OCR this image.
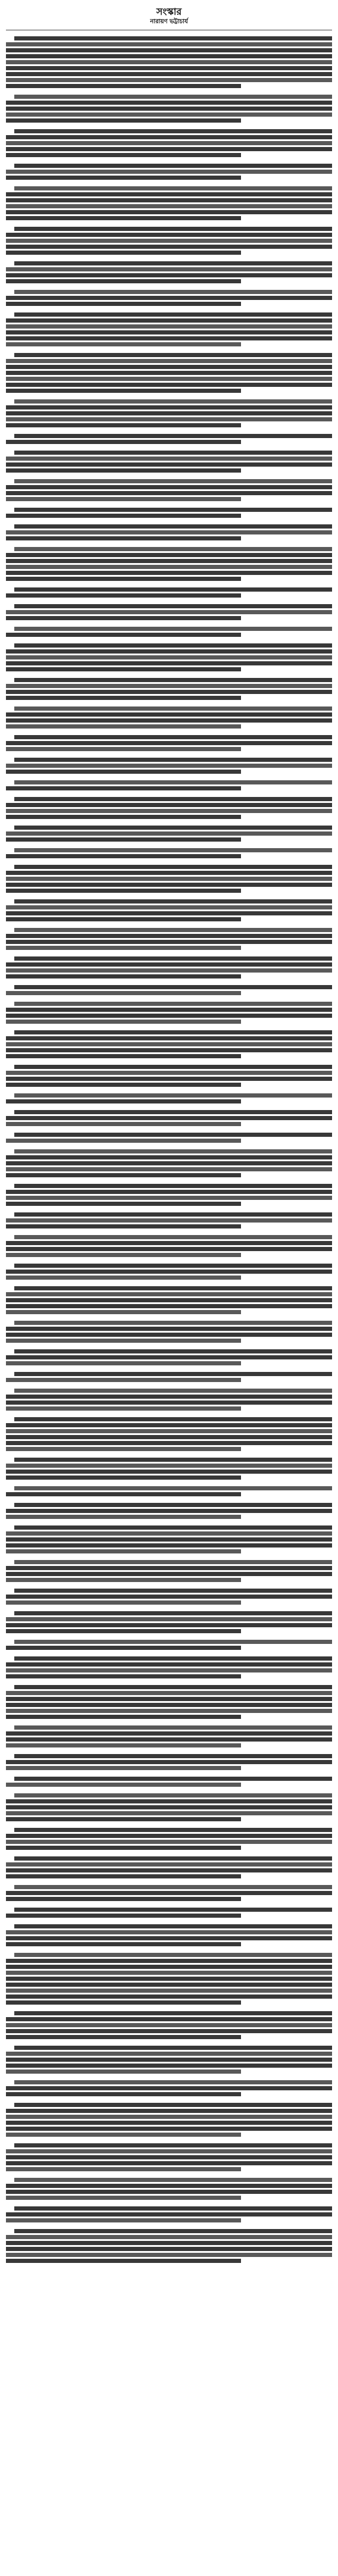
সংস্কার
নারায়ণ ভট্টাচার্য
